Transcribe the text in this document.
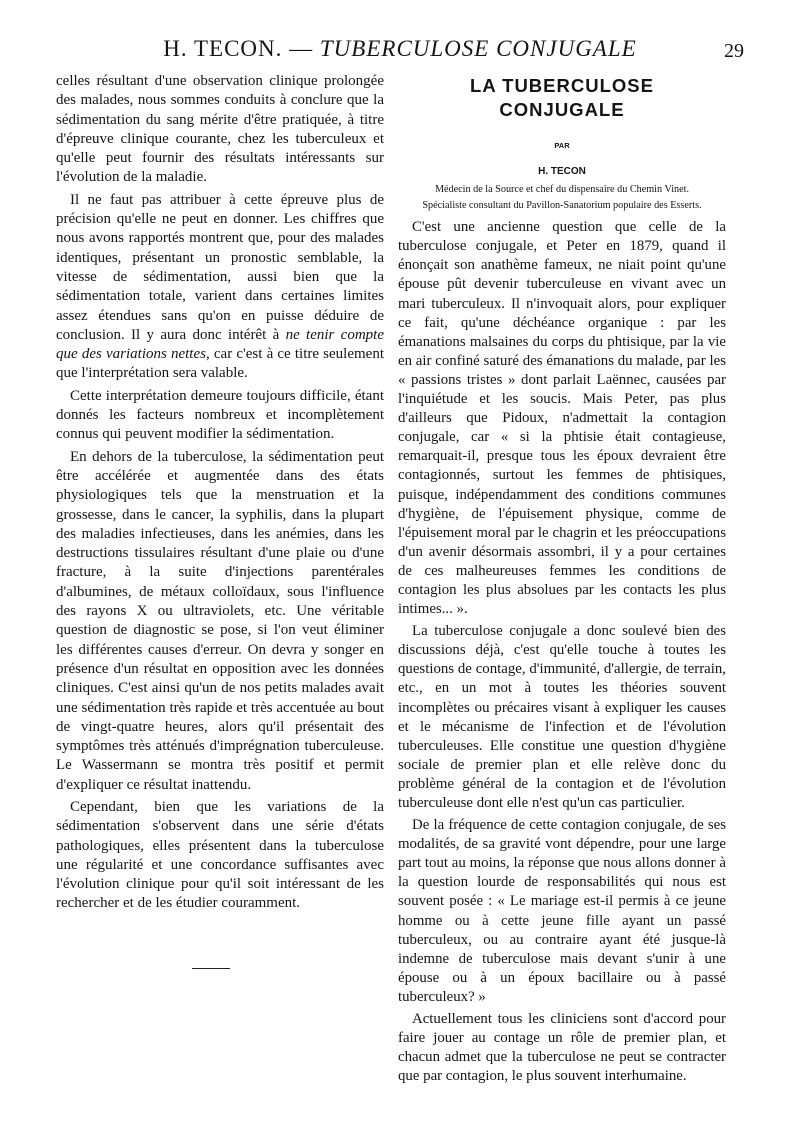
H. TECON. — TUBERCULOSE CONJUGALE	29

celles résultant d'une observation clinique prolongée des malades, nous sommes conduits à conclure que la sédimentation du sang mérite d'être pratiquée, à titre d'épreuve clinique courante, chez les tuberculeux et qu'elle peut fournir des résultats intéressants sur l'évolution de la maladie.

Il ne faut pas attribuer à cette épreuve plus de précision qu'elle ne peut en donner. Les chiffres que nous avons rapportés montrent que, pour des malades identiques, présentant un pronostic semblable, la vitesse de sédimentation, aussi bien que la sédimentation totale, varient dans certaines limites assez étendues sans qu'on en puisse déduire de conclusion. Il y aura donc intérêt à ne tenir compte que des variations nettes, car c'est à ce titre seulement que l'interprétation sera valable.

Cette interprétation demeure toujours difficile, étant donnés les facteurs nombreux et incomplètement connus qui peuvent modifier la sédimentation.

En dehors de la tuberculose, la sédimentation peut être accélérée et augmentée dans des états physiologiques tels que la menstruation et la grossesse, dans le cancer, la syphilis, dans la plupart des maladies infectieuses, dans les anémies, dans les destructions tissulaires résultant d'une plaie ou d'une fracture, à la suite d'injections parentérales d'albumines, de métaux colloïdaux, sous l'influence des rayons X ou ultraviolets, etc. Une véritable question de diagnostic se pose, si l'on veut éliminer les différentes causes d'erreur. On devra y songer en présence d'un résultat en opposition avec les données cliniques. C'est ainsi qu'un de nos petits malades avait une sédimentation très rapide et très accentuée au bout de vingt-quatre heures, alors qu'il présentait des symptômes très atténués d'imprégnation tuberculeuse. Le Wassermann se montra très positif et permit d'expliquer ce résultat inattendu.

Cependant, bien que les variations de la sédimentation s'observent dans une série d'états pathologiques, elles présentent dans la tuberculose une régularité et une concordance suffisantes avec l'évolution clinique pour qu'il soit intéressant de les rechercher et de les étudier couramment.

LA TUBERCULOSE
CONJUGALE
PAR
H. TECON

Médecin de la Source et chef du dispensaire du Chemin Vinet.

Spécialiste consultant du Pavillon-Sanatorium populaire des Esserts.

C'est une ancienne question que celle de la tuberculose conjugale, et Peter en 1879, quand il énonçait son anathème fameux, ne niait point qu'une épouse pût devenir tuberculeuse en vivant avec un mari tuberculeux. Il n'invoquait alors, pour expliquer ce fait, qu'une déchéance organique : par les émanations malsaines du corps du phtisique, par la vie en air confiné saturé des émanations du malade, par les « passions tristes » dont parlait Laënnec, causées par l'inquiétude et les soucis. Mais Peter, pas plus d'ailleurs que Pidoux, n'admettait la contagion conjugale, car « si la phtisie était contagieuse, remarquait-il, presque tous les époux devraient être contagionnés, surtout les femmes de phtisiques, puisque, indépendamment des conditions communes d'hygiène, de l'épuisement physique, comme de l'épuisement moral par le chagrin et les préoccupations d'un avenir désormais assombri, il y a pour certaines de ces malheureuses femmes les conditions de contagion les plus absolues par les contacts les plus intimes... ».

La tuberculose conjugale a donc soulevé bien des discussions déjà, c'est qu'elle touche à toutes les questions de contage, d'immunité, d'allergie, de terrain, etc., en un mot à toutes les théories souvent incomplètes ou précaires visant à expliquer les causes et le mécanisme de l'infection et de l'évolution tuberculeuses. Elle constitue une question d'hygiène sociale de premier plan et elle relève donc du problème général de la contagion et de l'évolution tuberculeuse dont elle n'est qu'un cas particulier.

De la fréquence de cette contagion conjugale, de ses modalités, de sa gravité vont dépendre, pour une large part tout au moins, la réponse que nous allons donner à la question lourde de responsabilités qui nous est souvent posée : « Le mariage est-il permis à ce jeune homme ou à cette jeune fille ayant un passé tuberculeux, ou au contraire ayant été jusque-là indemne de tuberculose mais devant s'unir à une épouse ou à un époux bacillaire ou à passé tuberculeux? »

Actuellement tous les cliniciens sont d'accord pour faire jouer au contage un rôle de premier plan, et chacun admet que la tuberculose ne peut se contracter que par contagion, le plus souvent interhumaine.
